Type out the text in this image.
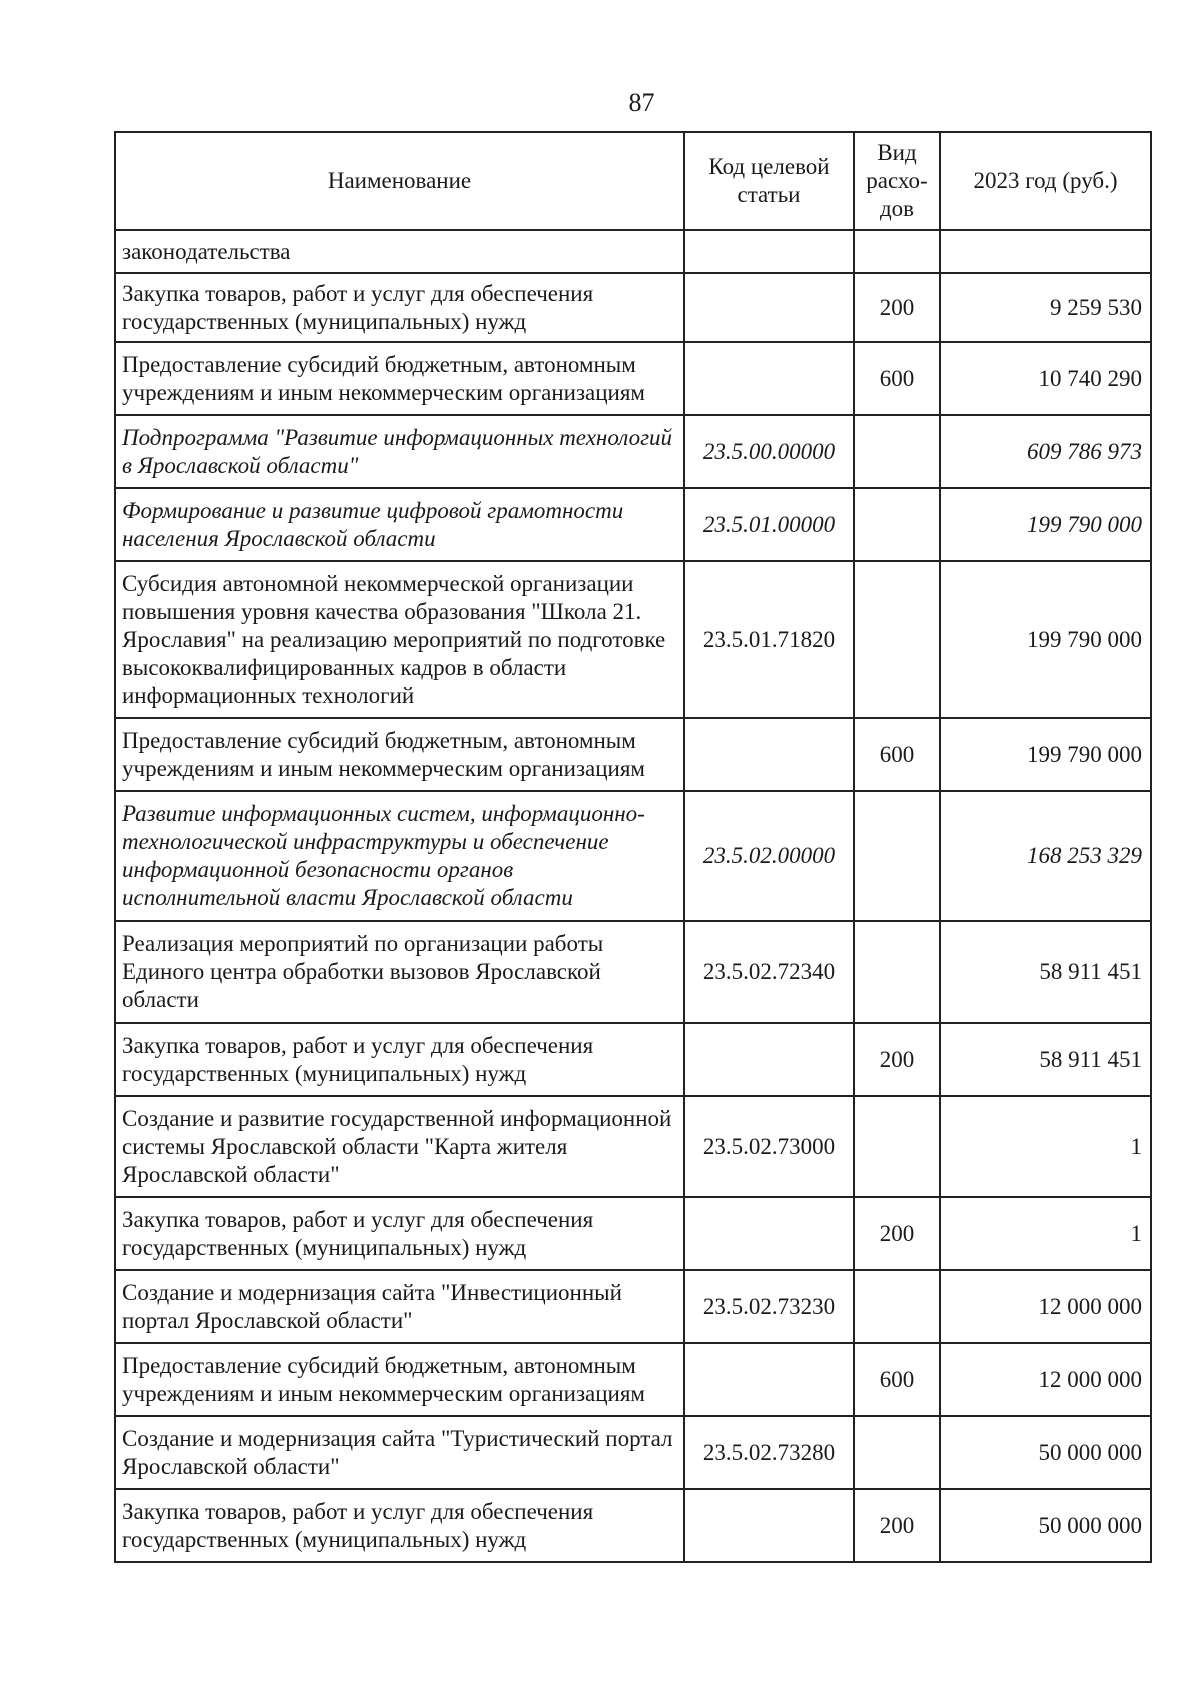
87
Наименование	Код целевой статьи	Вид расхо-дов	2023 год (руб.)
законодательства			
Закупка товаров, работ и услуг для обеспечения государственных (муниципальных) нужд		200	9 259 530
Предоставление субсидий бюджетным, автономным учреждениям и иным некоммерческим организациям		600	10 740 290
Подпрограмма "Развитие информационных технологий в Ярославской области"	23.5.00.00000		609 786 973
Формирование и развитие цифровой грамотности населения Ярославской области	23.5.01.00000		199 790 000
Субсидия автономной некоммерческой организации повышения уровня качества образования "Школа 21. Ярославия" на реализацию мероприятий по подготовке высококвалифицированных кадров в области информационных технологий	23.5.01.71820		199 790 000
Предоставление субсидий бюджетным, автономным учреждениям и иным некоммерческим организациям		600	199 790 000
Развитие информационных систем, информационно-технологической инфраструктуры и обеспечение информационной безопасности органов исполнительной власти Ярославской области	23.5.02.00000		168 253 329
Реализация мероприятий по организации работы Единого центра обработки вызовов Ярославской области	23.5.02.72340		58 911 451
Закупка товаров, работ и услуг для обеспечения государственных (муниципальных) нужд		200	58 911 451
Создание и развитие государственной информационной системы Ярославской области "Карта жителя Ярославской области"	23.5.02.73000		1
Закупка товаров, работ и услуг для обеспечения государственных (муниципальных) нужд		200	1
Создание и модернизация сайта "Инвестиционный портал Ярославской области"	23.5.02.73230		12 000 000
Предоставление субсидий бюджетным, автономным учреждениям и иным некоммерческим организациям		600	12 000 000
Создание и модернизация сайта "Туристический портал Ярославской области"	23.5.02.73280		50 000 000
Закупка товаров, работ и услуг для обеспечения государственных (муниципальных) нужд		200	50 000 000
